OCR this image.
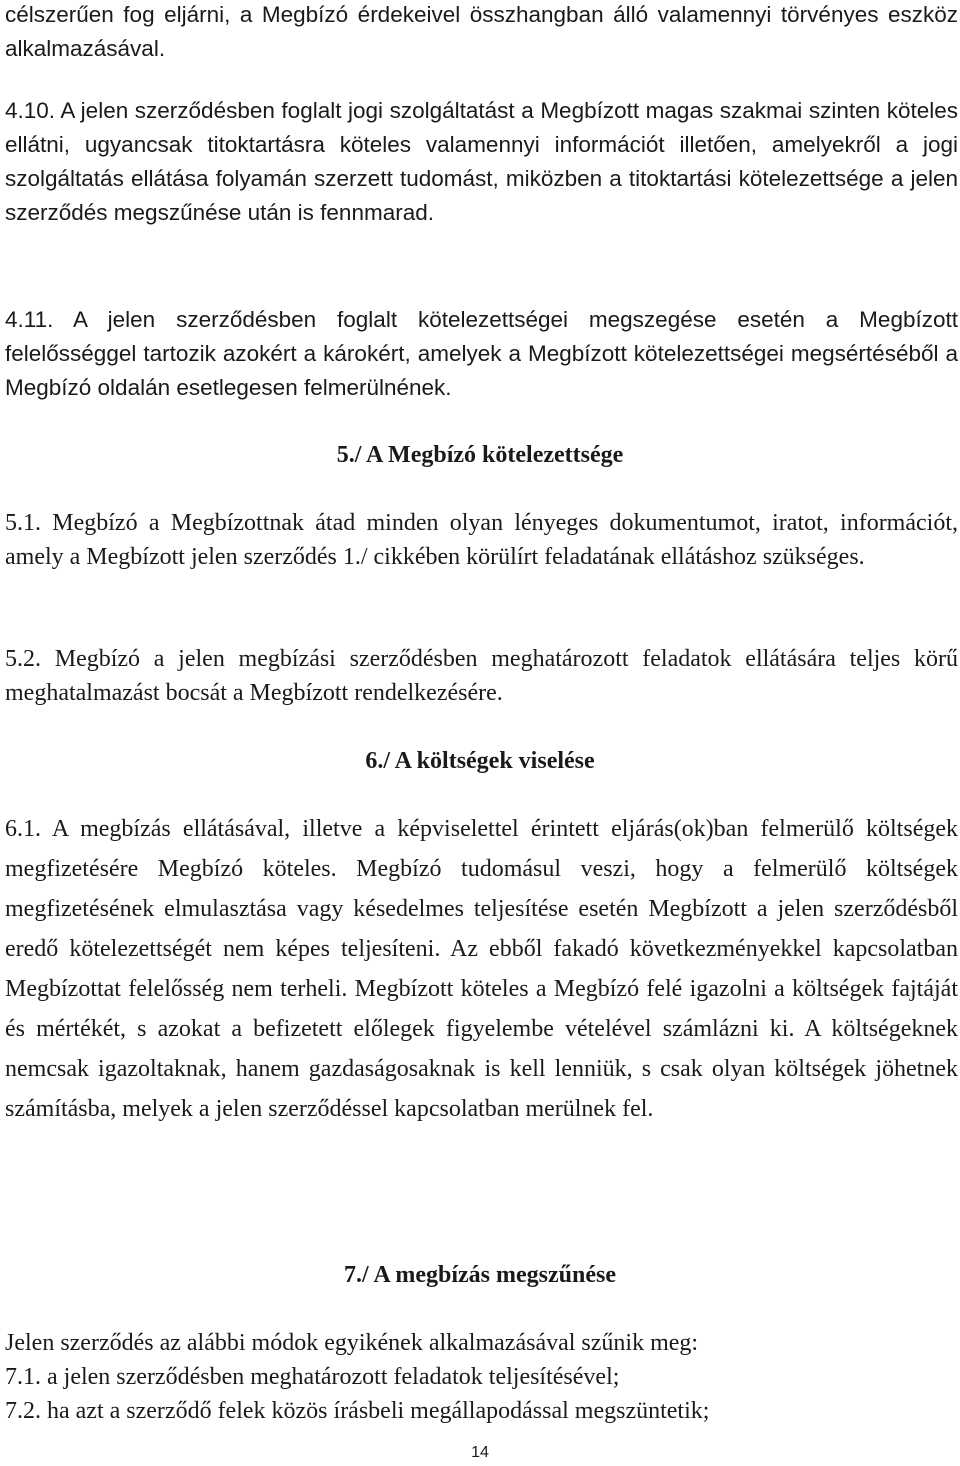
célszerűen fog eljárni, a Megbízó érdekeivel összhangban álló valamennyi törvényes eszköz alkalmazásával.

4.10. A jelen szerződésben foglalt jogi szolgáltatást a Megbízott magas szakmai szinten köteles ellátni, ugyancsak titoktartásra köteles valamennyi információt illetően, amelyekről a jogi szolgáltatás ellátása folyamán szerzett tudomást, miközben a titoktartási kötelezettsége a jelen szerződés megszűnése után is fennmarad.

4.11. A jelen szerződésben foglalt kötelezettségei megszegése esetén a Megbízott felelősséggel tartozik azokért a károkért, amelyek a Megbízott kötelezettségei megsértéséből a Megbízó oldalán esetlegesen felmerülnének.

5./ A Megbízó kötelezettsége

5.1. Megbízó a Megbízottnak átad minden olyan lényeges dokumentumot, iratot, információt, amely a Megbízott jelen szerződés 1./ cikkében körülírt feladatának ellátáshoz szükséges.

5.2. Megbízó a jelen megbízási szerződésben meghatározott feladatok ellátására teljes körű meghatalmazást bocsát a Megbízott rendelkezésére.

6./ A költségek viselése

6.1. A megbízás ellátásával, illetve a képviselettel érintett eljárás(ok)ban felmerülő költségek megfizetésére Megbízó köteles. Megbízó tudomásul veszi, hogy a felmerülő költségek megfizetésének elmulasztása vagy késedelmes teljesítése esetén Megbízott a jelen szerződésből eredő kötelezettségét nem képes teljesíteni. Az ebből fakadó következményekkel kapcsolatban Megbízottat felelősség nem terheli. Megbízott köteles a Megbízó felé igazolni a költségek fajtáját és mértékét, s azokat a befizetett előlegek figyelembe vételével számlázni ki. A költségeknek nemcsak igazoltaknak, hanem gazdaságosaknak is kell lenniük, s csak olyan költségek jöhetnek számításba, melyek a jelen szerződéssel kapcsolatban merülnek fel.

7./ A megbízás megszűnése

Jelen szerződés az alábbi módok egyikének alkalmazásával szűnik meg:
7.1. a jelen szerződésben meghatározott feladatok teljesítésével;
7.2. ha azt a szerződő felek közös írásbeli megállapodással megszüntetik;

14
